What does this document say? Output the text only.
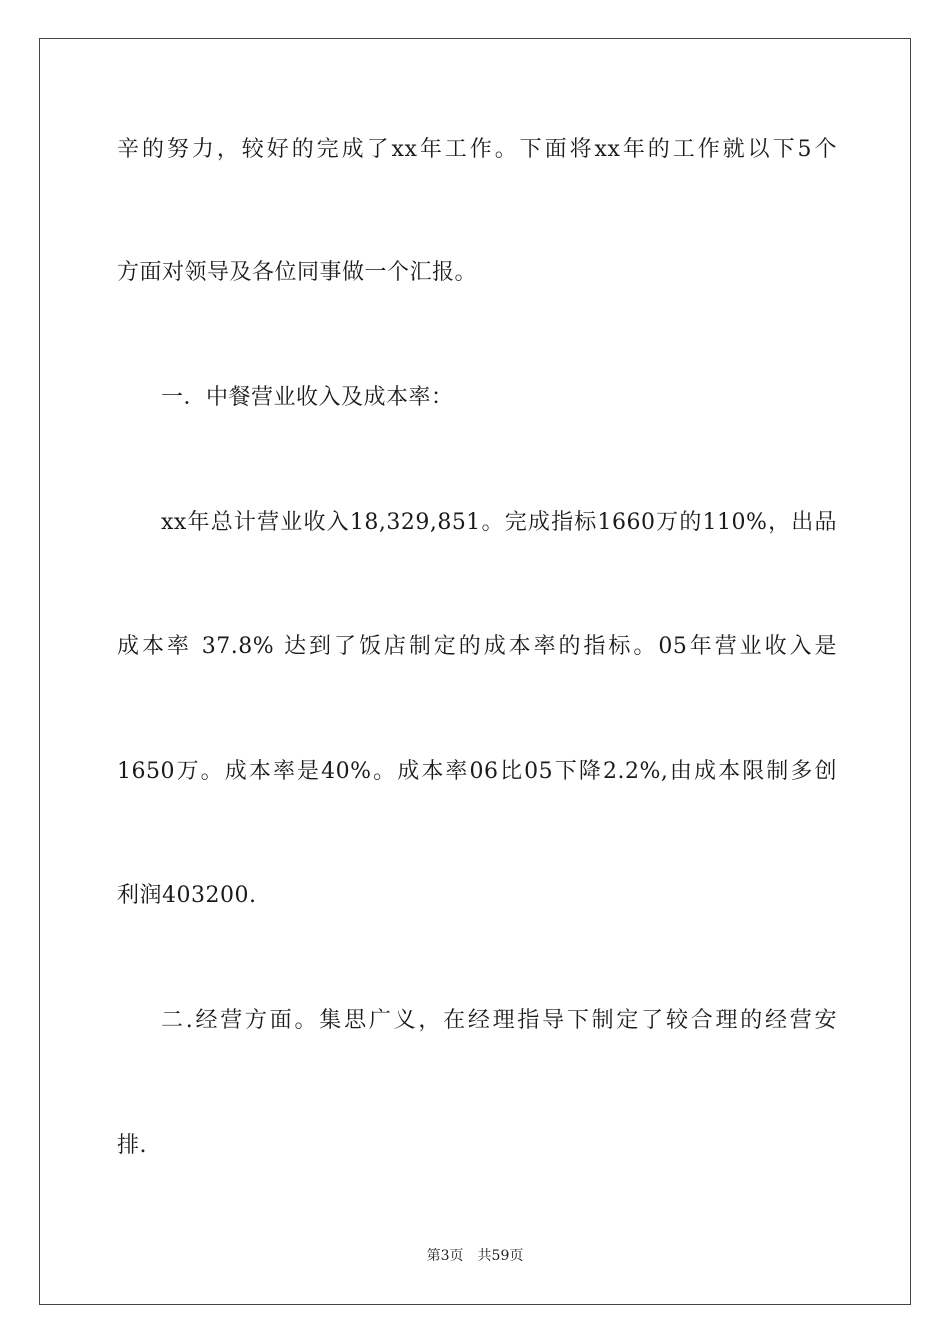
辛的努力，较好的完成了xx年工作。下面将xx年的工作就以下5个
方面对领导及各位同事做一个汇报。
一．中餐营业收入及成本率：
xx年总计营业收入18,329,851。完成指标1660万的110%，出品
成本率 37.8% 达到了饭店制定的成本率的指标。05年营业收入是
1650万。成本率是40%。成本率06比05下降2.2%,由成本限制多创
利润403200.
二.经营方面。集思广义，在经理指导下制定了较合理的经营安
排.
第3页 共59页
